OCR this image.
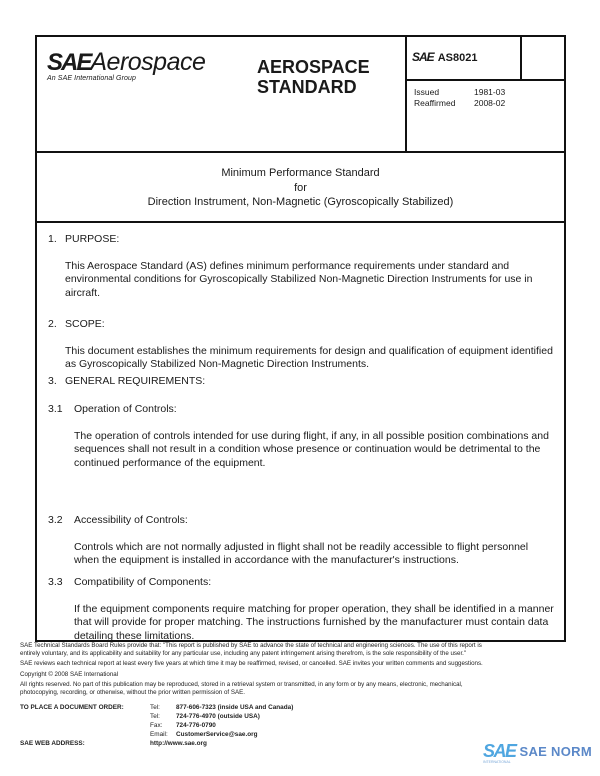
SAEAerospace
An SAE International Group
AEROSPACE
STANDARD
SAE AS8021
Issued	1981-03
Reaffirmed	2008-02
Minimum Performance Standard
for
Direction Instrument, Non-Magnetic (Gyroscopically Stabilized)
1. PURPOSE:
This Aerospace Standard (AS) defines minimum performance requirements under standard and environmental conditions for Gyroscopically Stabilized Non-Magnetic Direction Instruments for use in aircraft.
2. SCOPE:
This document establishes the minimum requirements for design and qualification of equipment identified as Gyroscopically Stabilized Non-Magnetic Direction Instruments.
3. GENERAL REQUIREMENTS:
3.1 Operation of Controls:
The operation of controls intended for use during flight, if any, in all possible position combinations and sequences shall not result in a condition whose presence or continuation would be detrimental to the continued performance of the equipment.
3.2 Accessibility of Controls:
Controls which are not normally adjusted in flight shall not be readily accessible to flight personnel when the equipment is installed in accordance with the manufacturer's instructions.
3.3 Compatibility of Components:
If the equipment components require matching for proper operation, they shall be identified in a manner that will provide for proper matching. The instructions furnished by the manufacturer must contain data detailing these limitations.
SAE Technical Standards Board Rules provide that: "This report is published by SAE to advance the state of technical and engineering sciences. The use of this report is
entirely voluntary, and its applicability and suitability for any particular use, including any patent infringement arising therefrom, is the sole responsibility of the user."
SAE reviews each technical report at least every five years at which time it may be reaffirmed, revised, or cancelled. SAE invites your written comments and suggestions.
Copyright © 2008 SAE International
All rights reserved. No part of this publication may be reproduced, stored in a retrieval system or transmitted, in any form or by any means, electronic, mechanical,
photocopying, recording, or otherwise, without the prior written permission of SAE.
TO PLACE A DOCUMENT ORDER:	Tel:	877-606-7323 (inside USA and Canada)
Tel:	724-776-4970 (outside USA)
Fax:	724-776-0790
Email:	CustomerService@sae.org
SAE WEB ADDRESS:	http://www.sae.org	SAE SAE NORM
INTERNATIONAL
